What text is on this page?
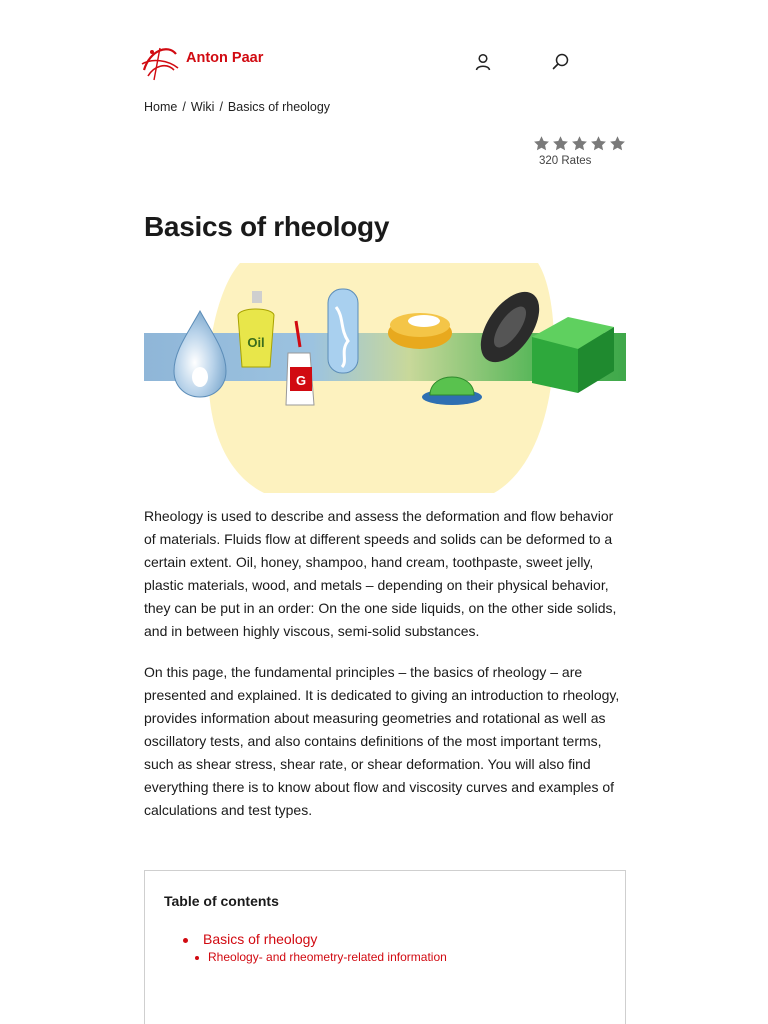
Anton Paar
Home / Wiki / Basics of rheology
320 Rates
Basics of rheology
Oil
G

Rheology is used to describe and assess the deformation and flow behavior of materials. Fluids flow at different speeds and solids can be deformed to a certain extent. Oil, honey, shampoo, hand cream, toothpaste, sweet jelly, plastic materials, wood, and metals – depending on their physical behavior, they can be put in an order: On the one side liquids, on the other side solids, and in between highly viscous, semi-solid substances.

On this page, the fundamental principles – the basics of rheology – are presented and explained. It is dedicated to giving an introduction to rheology, provides information about measuring geometries and rotational as well as oscillatory tests, and also contains definitions of the most important terms, such as shear stress, shear rate, or shear deformation. You will also find everything there is to know about flow and viscosity curves and examples of calculations and test types.

Table of contents
Basics of rheology
Rheology- and rheometry-related information
